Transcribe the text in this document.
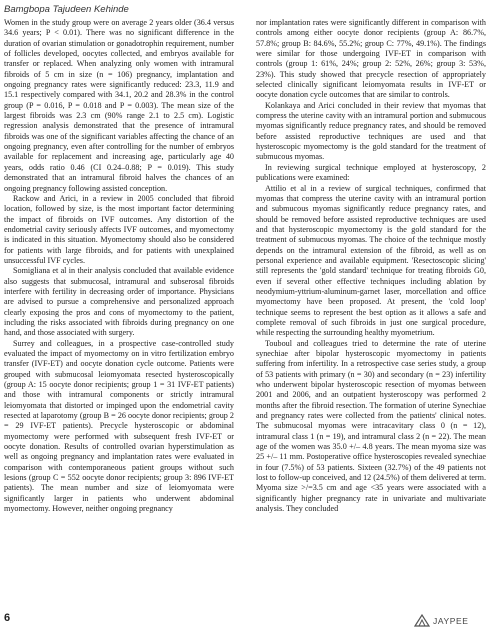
Bamgbopa Tajudeen Kehinde

Women in the study group were on average 2 years older (36.4 versus 34.6 years; P < 0.01). There was no significant difference in the duration of ovarian stimulation or gonadotrophin requirement, number of follicles developed, oocytes collected, and embryos available for transfer or replaced. When analyzing only women with intramural fibroids of 5 cm in size (n = 106) pregnancy, implantation and ongoing pregnancy rates were significantly reduced: 23.3, 11.9 and 15.1 respectively compared with 34.1, 20.2 and 28.3% in the control group (P = 0.016, P = 0.018 and P = 0.003). The mean size of the largest fibroids was 2.3 cm (90% range 2.1 to 2.5 cm). Logistic regression analysis demonstrated that the presence of intramural fibroids was one of the significant variables affecting the chance of an ongoing pregnancy, even after controlling for the number of embryos available for replacement and increasing age, particularly age 40 years, odds ratio 0.46 (CI 0.24–0.88; P = 0.019). This study demonstrated that an intramural fibroid halves the chances of an ongoing pregnancy following assisted conception.

Rackow and Arici, in a review in 2005 concluded that fibroid location, followed by size, is the most important factor determining the impact of fibroids on IVF outcomes. Any distortion of the endometrial cavity seriously affects IVF outcomes, and myomectomy is indicated in this situation. Myomectomy should also be considered for patients with large fibroids, and for patients with unexplained unsuccessful IVF cycles.

Somigliana et al in their analysis concluded that available evidence also suggests that submucosal, intramural and subserosal fibroids interfere with fertility in decreasing order of importance. Physicians are advised to pursue a comprehensive and personalized approach clearly exposing the pros and cons of myomectomy to the patient, including the risks associated with fibroids during pregnancy on one hand, and those associated with surgery.

Surrey and colleagues, in a prospective case-controlled study evaluated the impact of myomectomy on in vitro fertilization embryo transfer (IVF-ET) and oocyte donation cycle outcome. Patients were grouped with submucosal leiomyomata resected hysteroscopically (group A: 15 oocyte donor recipients; group 1 = 31 IVF-ET patients) and those with intramural components or strictly intramural leiomyomata that distorted or impinged upon the endometrial cavity resected at laparotomy (group B = 26 oocyte donor recipients; group 2 = 29 IVF-ET patients). Precycle hysteroscopic or abdominal myomectomy were performed with subsequent fresh IVF-ET or oocyte donation. Results of controlled ovarian hyperstimulation as well as ongoing pregnancy and implantation rates were evaluated in comparison with contemporaneous patient groups without such lesions (group C = 552 oocyte donor recipients; group 3: 896 IVF-ET patients). The mean number and size of leiomyomata were significantly larger in patients who underwent abdominal myomectomy. However, neither ongoing pregnancy

nor implantation rates were significantly different in comparison with controls among either oocyte donor recipients (group A: 86.7%, 57.8%; group B: 84.6%, 55.2%; group C: 77%, 49.1%). The findings were similar for those undergoing IVF-ET in comparison with controls (group 1: 61%, 24%; group 2: 52%, 26%; group 3: 53%, 23%). This study showed that precycle resection of appropriately selected clinically significant leiomyomata results in IVF-ET or oocyte donation cycle outcomes that are similar to controls.

Kolankaya and Arici concluded in their review that myomas that compress the uterine cavity with an intramural portion and submucous myomas significantly reduce pregnancy rates, and should be removed before assisted reproductive techniques are used and that hysteroscopic myomectomy is the gold standard for the treatment of submucous myomas.

In reviewing surgical technique employed at hysteroscopy, 2 publications were examined:

Attilio et al in a review of surgical techniques, confirmed that myomas that compress the uterine cavity with an intramural portion and submucous myomas significantly reduce pregnancy rates, and should be removed before assisted reproductive techniques are used and that hysteroscopic myomectomy is the gold standard for the treatment of submucous myomas. The choice of the technique mostly depends on the intramural extension of the fibroid, as well as on personal experience and available equipment. 'Resectoscopic slicing' still represents the 'gold standard' technique for treating fibroids G0, even if several other effective techniques including ablation by neodymium-yttrium-aluminum-garnet laser, morcellation and office myomectomy have been proposed. At present, the 'cold loop' technique seems to represent the best option as it allows a safe and complete removal of such fibroids in just one surgical procedure, while respecting the surrounding healthy myometrium.

Touboul and colleagues tried to determine the rate of uterine synechiae after bipolar hysteroscopic myomectomy in patients suffering from infertility. In a retrospective case series study, a group of 53 patients with primary (n = 30) and secondary (n = 23) infertility who underwent bipolar hysteroscopic resection of myomas between 2001 and 2006, and an outpatient hysteroscopy was performed 2 months after the fibroid resection. The formation of uterine Synechiae and pregnancy rates were collected from the patients' clinical notes. The submucosal myomas were intracavitary class 0 (n = 12), intramural class 1 (n = 19), and intramural class 2 (n = 22). The mean age of the women was 35.0 +/– 4.8 years. The mean myoma size was 25 +/– 11 mm. Postoperative office hysteroscopies revealed synechiae in four (7.5%) of 53 patients. Sixteen (32.7%) of the 49 patients not lost to follow-up conceived, and 12 (24.5%) of them delivered at term. Myoma size >/=3.5 cm and age <35 years were associated with a significantly higher pregnancy rate in univariate and multivariate analysis. They concluded

6	JAYPEE
